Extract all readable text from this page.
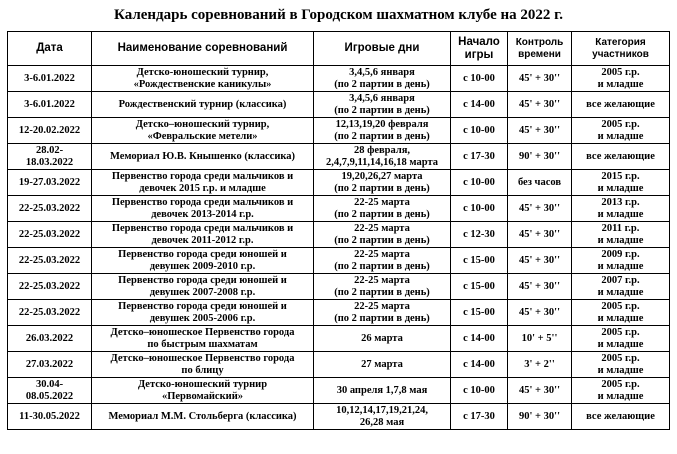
Календарь соревнований в Городском шахматном клубе на 2022 г.
Дата	Наименование соревнований	Игровые дни	Начало
игры	Контроль
времени	Категория
участников
3-6.01.2022	Детско-юношеский турнир,
«Рождественские каникулы»	3,4,5,6 января
(по 2 партии в день)	с 10-00	45' + 30''	2005 г.р.
и младше
3-6.01.2022	Рождественский турнир (классика)	3,4,5,6 января
(по 2 партии в день)	с 14-00	45' + 30''	все желающие
12-20.02.2022	Детско–юношеский турнир,
«Февральские метели»	12,13,19,20 февраля
(по 2 партии в день)	с 10-00	45' + 30''	2005 г.р.
и младше
28.02-
18.03.2022	Мемориал Ю.В. Кнышенко (классика)	28 февраля,
2,4,7,9,11,14,16,18 марта	с 17-30	90' + 30''	все желающие
19-27.03.2022	Первенство города среди мальчиков и
девочек 2015 г.р. и младше	19,20,26,27 марта
(по 2 партии в день)	с 10-00	без часов	2015 г.р.
и младше
22-25.03.2022	Первенство города среди мальчиков и
девочек 2013-2014 г.р.	22-25 марта
(по 2 партии в день)	с 10-00	45' + 30''	2013 г.р.
и младше
22-25.03.2022	Первенство города среди мальчиков и
девочек 2011-2012 г.р.	22-25 марта
(по 2 партии в день)	с 12-30	45' + 30''	2011 г.р.
и младше
22-25.03.2022	Первенство города среди юношей и
девушек 2009-2010 г.р.	22-25 марта
(по 2 партии в день)	с 15-00	45' + 30''	2009 г.р.
и младше
22-25.03.2022	Первенство города среди юношей и
девушек 2007-2008 г.р.	22-25 марта
(по 2 партии в день)	с 15-00	45' + 30''	2007 г.р.
и младше
22-25.03.2022	Первенство города среди юношей и
девушек 2005-2006 г.р.	22-25 марта
(по 2 партии в день)	с 15-00	45' + 30''	2005 г.р.
и младше
26.03.2022	Детско–юношеское Первенство города
по быстрым шахматам	26 марта	с 14-00	10' + 5''	2005 г.р.
и младше
27.03.2022	Детско–юношеское Первенство города
по блицу	27 марта	с 14-00	3' + 2''	2005 г.р.
и младше
30.04-
08.05.2022	Детско-юношеский турнир
«Первомайский»	30 апреля 1,7,8 мая	с 10-00	45' + 30''	2005 г.р.
и младше
11-30.05.2022	Мемориал М.М. Стольберга (классика)	10,12,14,17,19,21,24,
26,28 мая	с 17-30	90' + 30''	все желающие
